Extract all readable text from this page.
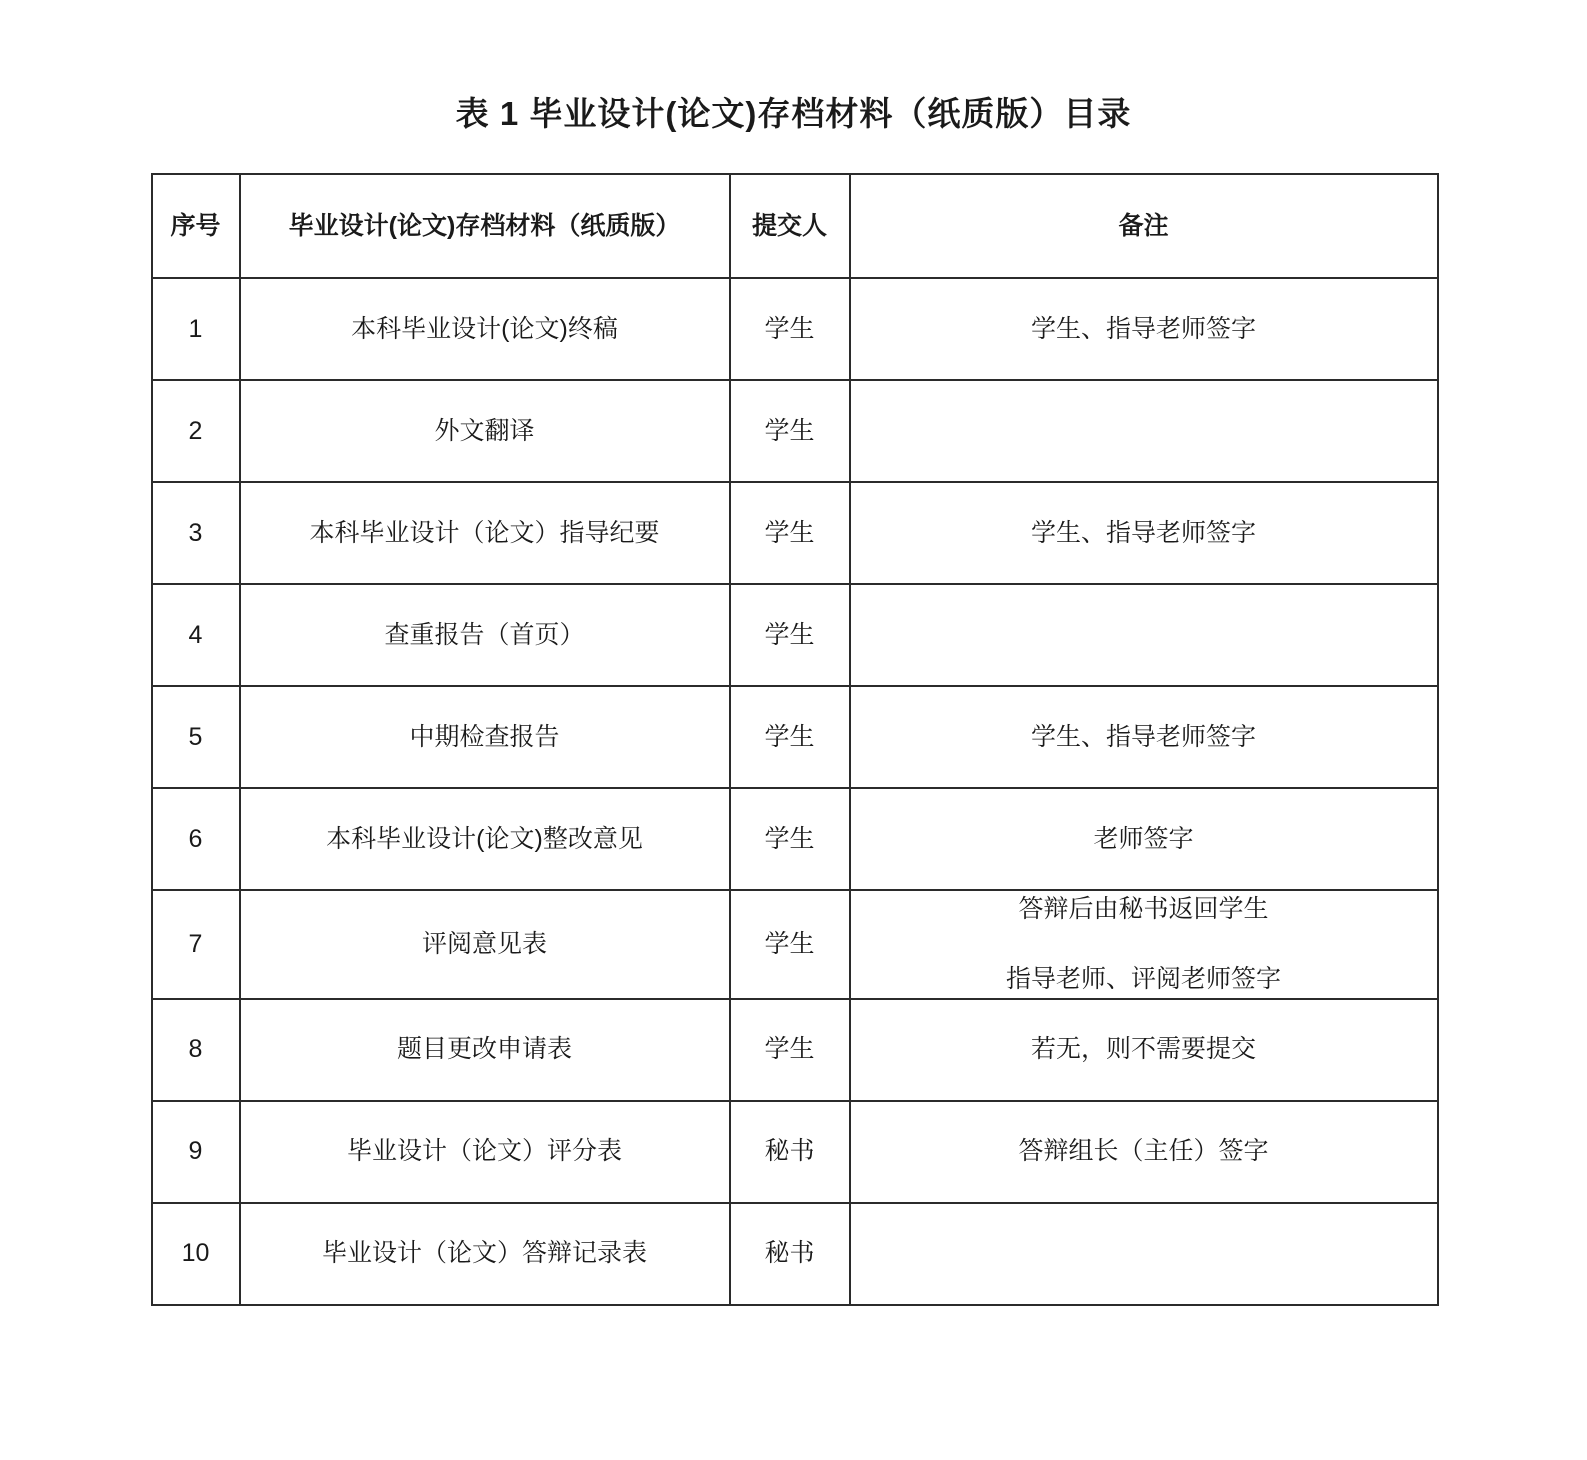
表 1 毕业设计(论文)存档材料（纸质版）目录
序号	毕业设计(论文)存档材料（纸质版）	提交人	备注
1	本科毕业设计(论文)终稿	学生	学生、指导老师签字
2	外文翻译	学生	
3	本科毕业设计（论文）指导纪要	学生	学生、指导老师签字
4	查重报告（首页）	学生	
5	中期检查报告	学生	学生、指导老师签字
6	本科毕业设计(论文)整改意见	学生	老师签字
7	评阅意见表	学生	答辩后由秘书返回学生
指导老师、评阅老师签字

8	题目更改申请表	学生	若无，则不需要提交
9	毕业设计（论文）评分表	秘书	答辩组长（主任）签字
10	毕业设计（论文）答辩记录表	秘书	
